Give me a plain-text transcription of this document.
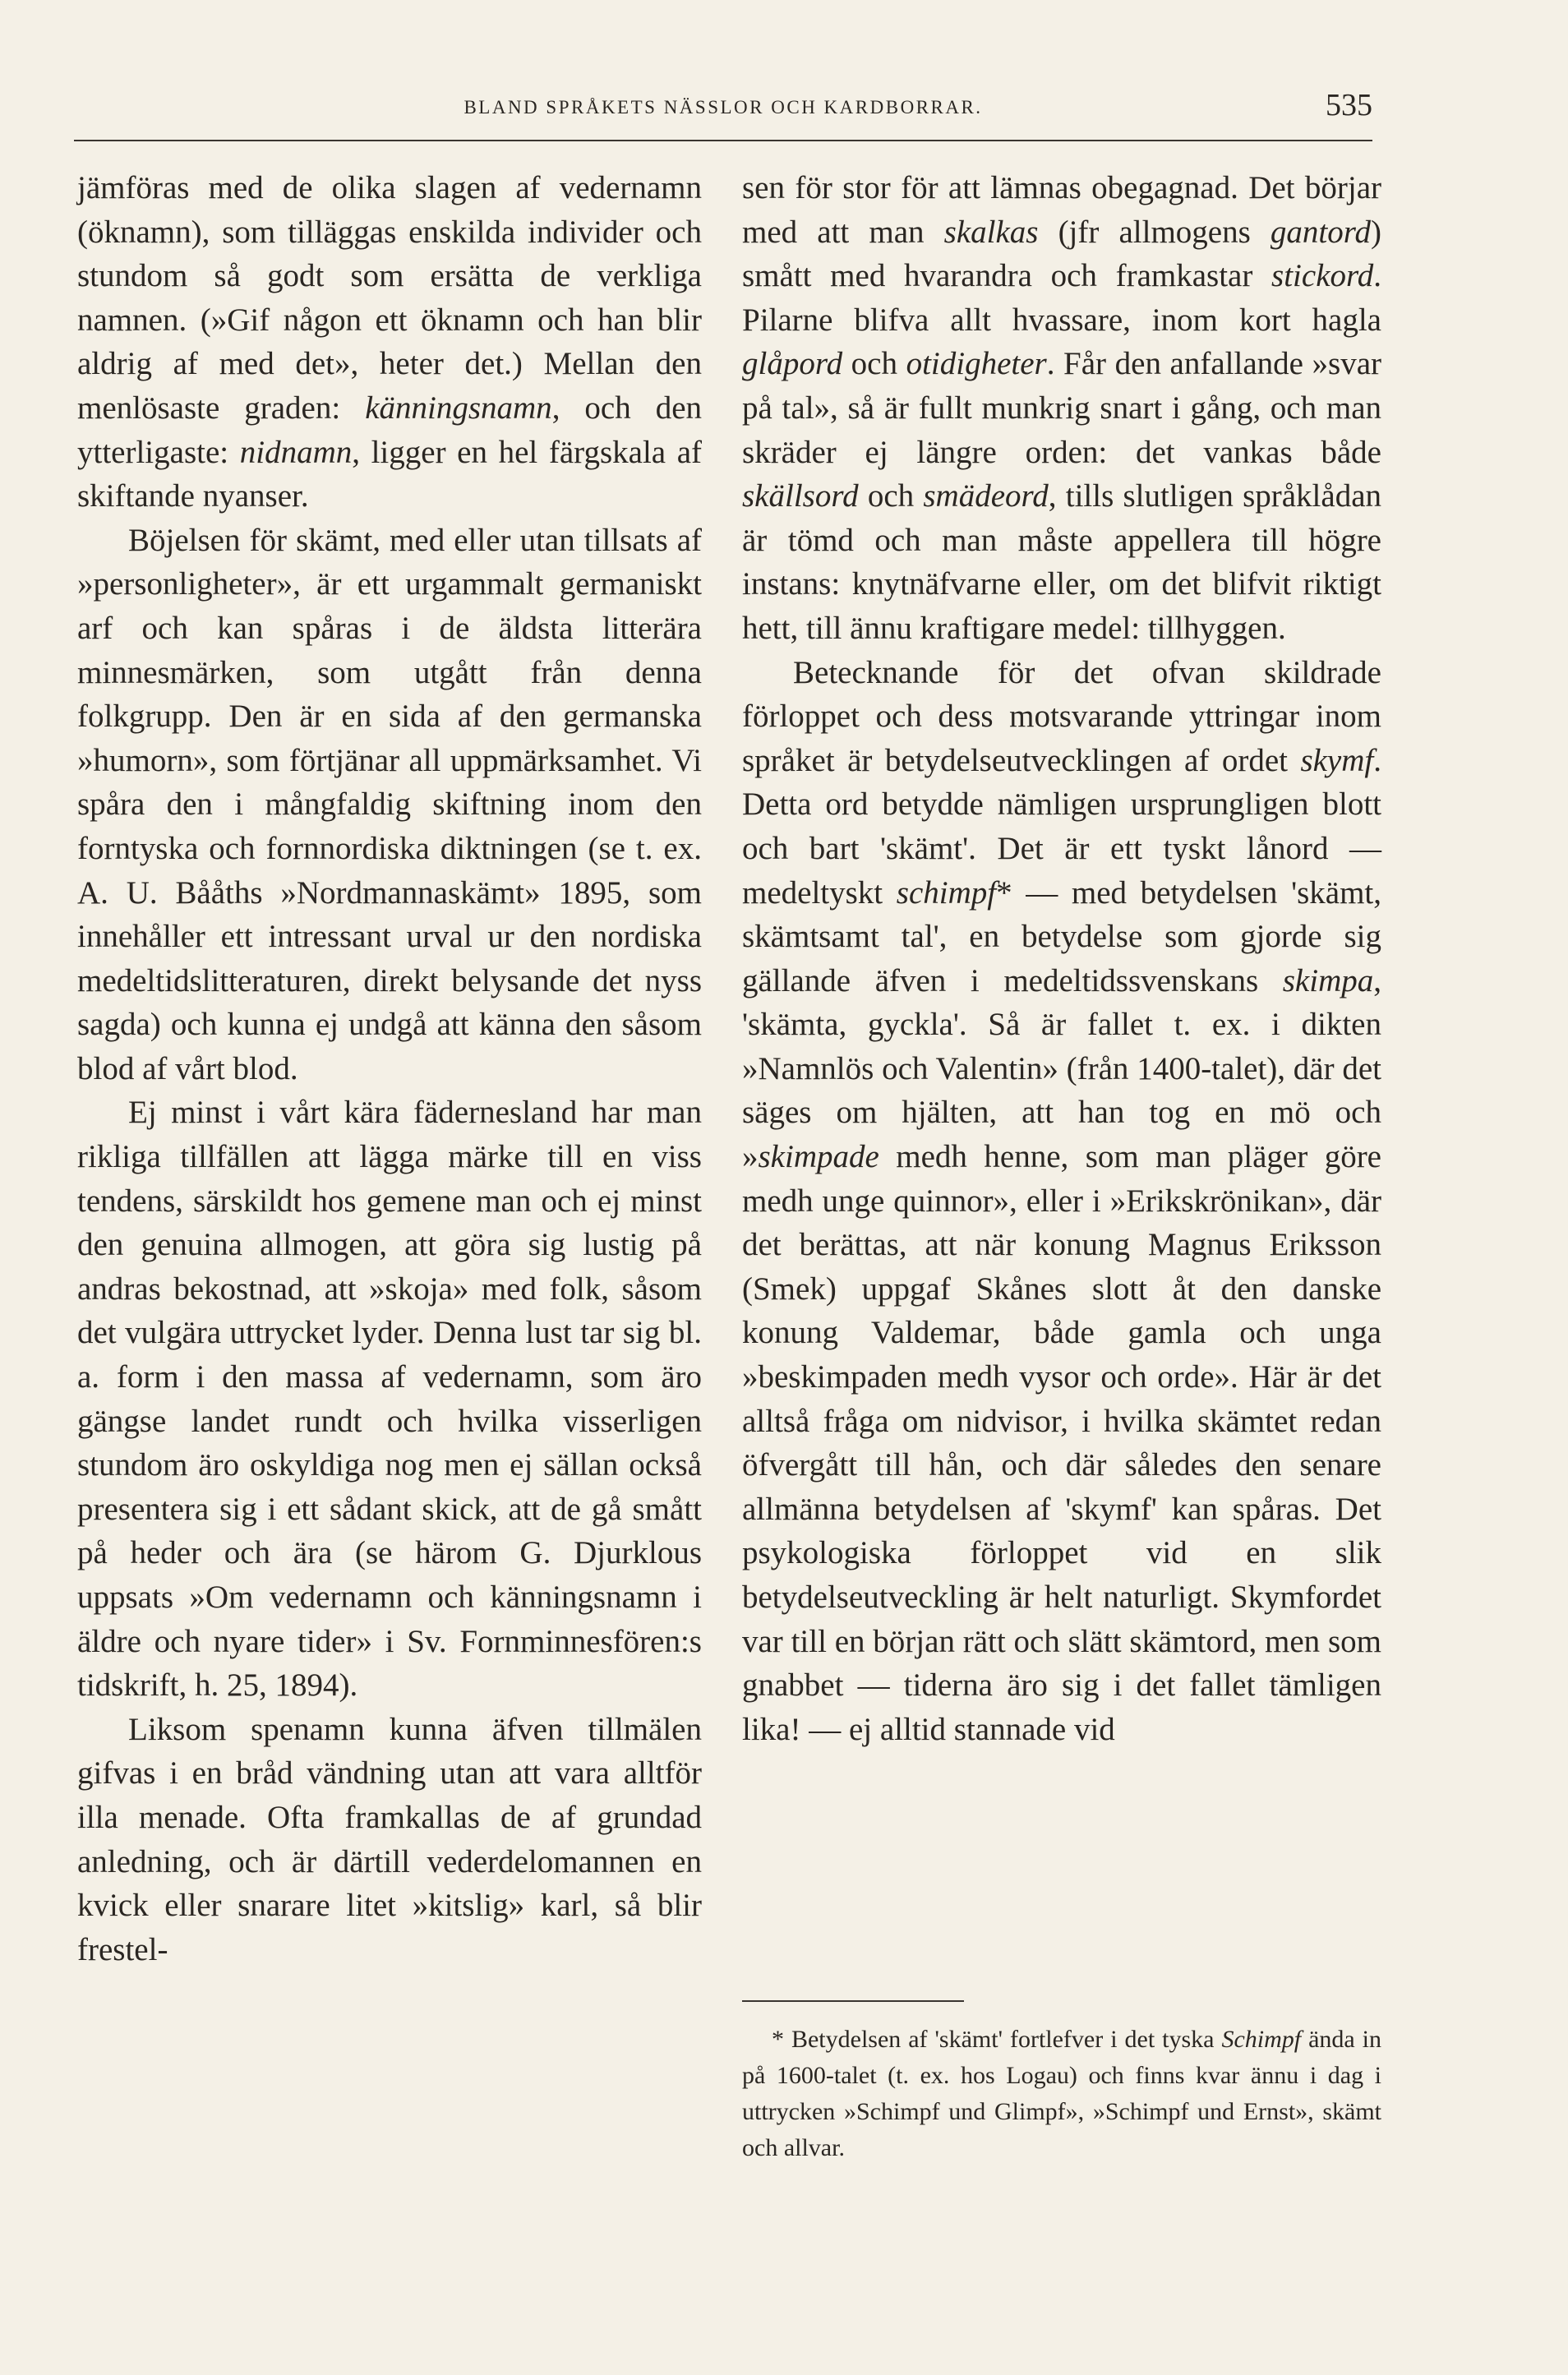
BLAND SPRÅKETS NÄSSLOR OCH KARDBORRAR.	535

jämföras med de olika slagen af vedernamn (öknamn), som tilläggas enskilda individer och stundom så godt som ersätta de verkliga namnen. (»Gif någon ett öknamn och han blir aldrig af med det», heter det.) Mellan den menlösaste graden: känningsnamn, och den ytterligaste: nidnamn, ligger en hel färgskala af skiftande nyanser.

Böjelsen för skämt, med eller utan tillsats af »personligheter», är ett urgammalt germaniskt arf och kan spåras i de äldsta litterära minnesmärken, som utgått från denna folkgrupp. Den är en sida af den germanska »humorn», som förtjänar all uppmärksamhet. Vi spåra den i mångfaldig skiftning inom den forntyska och fornnordiska diktningen (se t. ex. A. U. Bååths »Nordmannaskämt» 1895, som innehåller ett intressant urval ur den nordiska medeltidslitteraturen, direkt belysande det nyss sagda) och kunna ej undgå att känna den såsom blod af vårt blod.

Ej minst i vårt kära fädernesland har man rikliga tillfällen att lägga märke till en viss tendens, särskildt hos gemene man och ej minst den genuina allmogen, att göra sig lustig på andras bekostnad, att »skoja» med folk, såsom det vulgära uttrycket lyder. Denna lust tar sig bl. a. form i den massa af vedernamn, som äro gängse landet rundt och hvilka visserligen stundom äro oskyldiga nog men ej sällan också presentera sig i ett sådant skick, att de gå smått på heder och ära (se härom G. Djurklous uppsats »Om vedernamn och känningsnamn i äldre och nyare tider» i Sv. Fornminnesfören:s tidskrift, h. 25, 1894).

Liksom spenamn kunna äfven tillmälen gifvas i en bråd vändning utan att vara alltför illa menade. Ofta framkallas de af grundad anledning, och är därtill vederdelomannen en kvick eller snarare litet »kitslig» karl, så blir frestel-

sen för stor för att lämnas obegagnad. Det börjar med att man skalkas (jfr allmogens gantord) smått med hvarandra och framkastar stickord. Pilarne blifva allt hvassare, inom kort hagla glåpord och otidigheter. Får den anfallande »svar på tal», så är fullt munkrig snart i gång, och man skräder ej längre orden: det vankas både skällsord och smädeord, tills slutligen språklådan är tömd och man måste appellera till högre instans: knytnäfvarne eller, om det blifvit riktigt hett, till ännu kraftigare medel: tillhyggen.

Betecknande för det ofvan skildrade förloppet och dess motsvarande yttringar inom språket är betydelseutvecklingen af ordet skymf. Detta ord betydde nämligen ursprungligen blott och bart 'skämt'. Det är ett tyskt lånord — medeltyskt schimpf* — med betydelsen 'skämt, skämtsamt tal', en betydelse som gjorde sig gällande äfven i medeltidssvenskans skimpa, 'skämta, gyckla'. Så är fallet t. ex. i dikten »Namnlös och Valentin» (från 1400-talet), där det säges om hjälten, att han tog en mö och »skimpade medh henne, som man pläger göre medh unge quinnor», eller i »Erikskrönikan», där det berättas, att när konung Magnus Eriksson (Smek) uppgaf Skånes slott åt den danske konung Valdemar, både gamla och unga »beskimpaden medh vysor och orde». Här är det alltså fråga om nidvisor, i hvilka skämtet redan öfvergått till hån, och där således den senare allmänna betydelsen af 'skymf' kan spåras. Det psykologiska förloppet vid en slik betydelseutveckling är helt naturligt. Skymfordet var till en början rätt och slätt skämtord, men som gnabbet — tiderna äro sig i det fallet tämligen lika! — ej alltid stannade vid

* Betydelsen af 'skämt' fortlefver i det tyska Schimpf ända in på 1600-talet (t. ex. hos Logau) och finns kvar ännu i dag i uttrycken »Schimpf und Glimpf», »Schimpf und Ernst», skämt och allvar.
